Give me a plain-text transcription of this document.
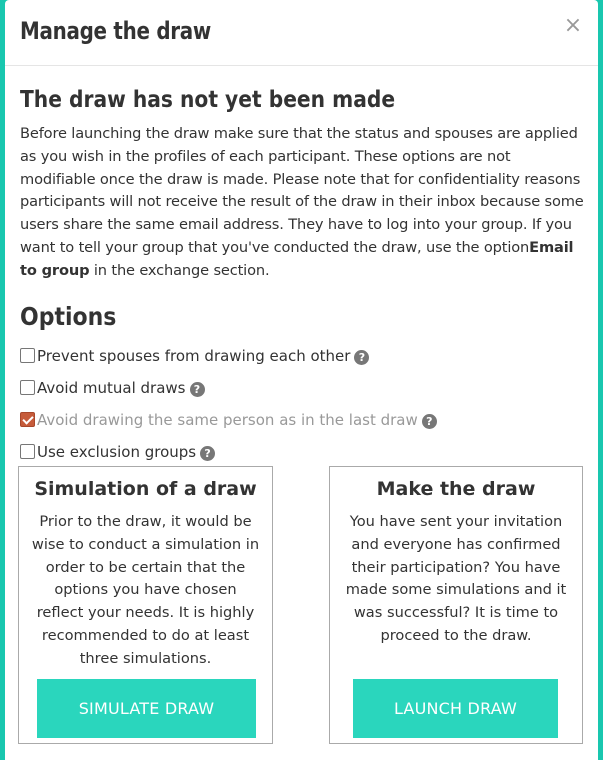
Manage the draw	×
The draw has not yet been made

Before launching the draw make sure that the status and spouses are applied as you wish in the profiles of each participant. These options are not modifiable once the draw is made. Please note that for confidentiality reasons participants will not receive the result of the draw in their inbox because some users share the same email address. They have to log into your group. If you want to tell your group that you've conducted the draw, use the optionEmail to group in the exchange section.

Options
Prevent spouses from drawing each other ?
Avoid mutual draws ?
Avoid drawing the same person as in the last draw ?
Use exclusion groups ?
Simulation of a draw

Prior to the draw, it would be wise to conduct a simulation in order to be certain that the options you have chosen reflect your needs. It is highly recommended to do at least three simulations.

SIMULATE DRAW
Make the draw

You have sent your invitation and everyone has confirmed their participation? You have made some simulations and it was successful? It is time to proceed to the draw.

LAUNCH DRAW
